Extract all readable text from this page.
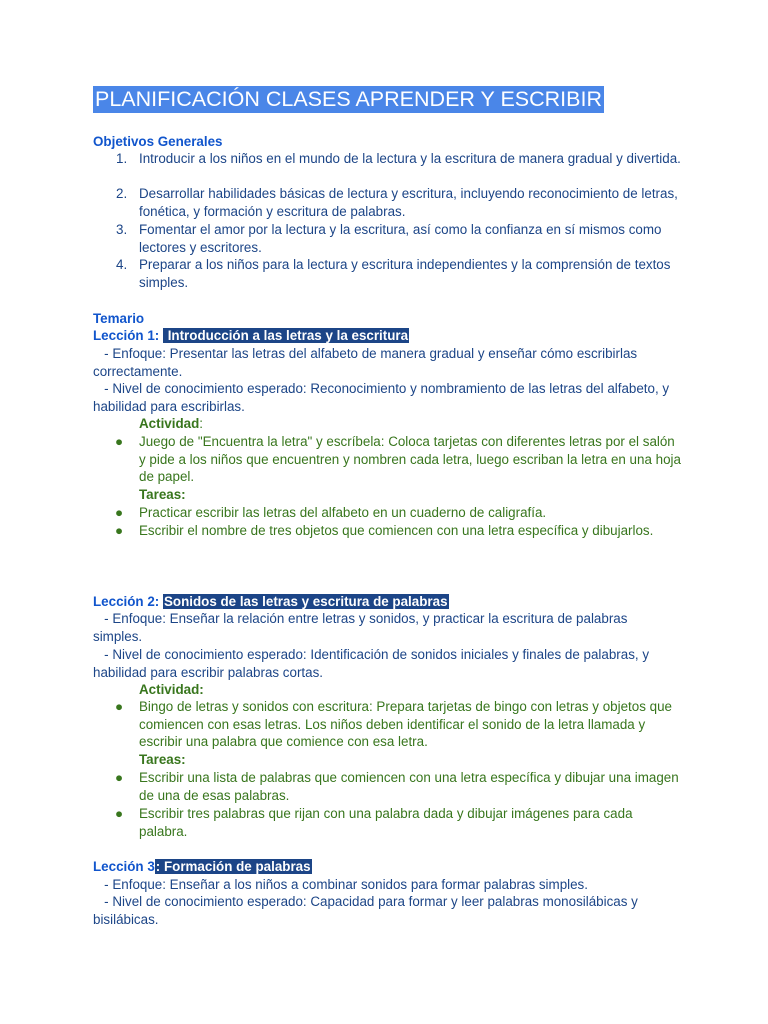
PLANIFICACIÓN CLASES APRENDER Y ESCRIBIR
Objetivos Generales
1. Introducir a los niños en el mundo de la lectura y la escritura de manera gradual y divertida.
2. Desarrollar habilidades básicas de lectura y escritura, incluyendo reconocimiento de letras, fonética, y formación y escritura de palabras.
3. Fomentar el amor por la lectura y la escritura, así como la confianza en sí mismos como lectores y escritores.
4. Preparar a los niños para la lectura y escritura independientes y la comprensión de textos simples.
Temario
Lección 1:  Introducción a las letras y la escritura
- Enfoque: Presentar las letras del alfabeto de manera gradual y enseñar cómo escribirlas correctamente.
- Nivel de conocimiento esperado: Reconocimiento y nombramiento de las letras del alfabeto, y habilidad para escribirlas.
Actividad:
● Juego de "Encuentra la letra" y escríbela: Coloca tarjetas con diferentes letras por el salón y pide a los niños que encuentren y nombren cada letra, luego escriban la letra en una hoja de papel.
Tareas:
● Practicar escribir las letras del alfabeto en un cuaderno de caligrafía.
● Escribir el nombre de tres objetos que comiencen con una letra específica y dibujarlos.
Lección 2: Sonidos de las letras y escritura de palabras
- Enfoque: Enseñar la relación entre letras y sonidos, y practicar la escritura de palabras simples.
- Nivel de conocimiento esperado: Identificación de sonidos iniciales y finales de palabras, y habilidad para escribir palabras cortas.
Actividad:
● Bingo de letras y sonidos con escritura: Prepara tarjetas de bingo con letras y objetos que comiencen con esas letras. Los niños deben identificar el sonido de la letra llamada y escribir una palabra que comience con esa letra.
Tareas:
● Escribir una lista de palabras que comiencen con una letra específica y dibujar una imagen de una de esas palabras.
● Escribir tres palabras que rijan con una palabra dada y dibujar imágenes para cada palabra.
Lección 3: Formación de palabras
- Enfoque: Enseñar a los niños a combinar sonidos para formar palabras simples.
- Nivel de conocimiento esperado: Capacidad para formar y leer palabras monosilábicas y bisilábicas.
